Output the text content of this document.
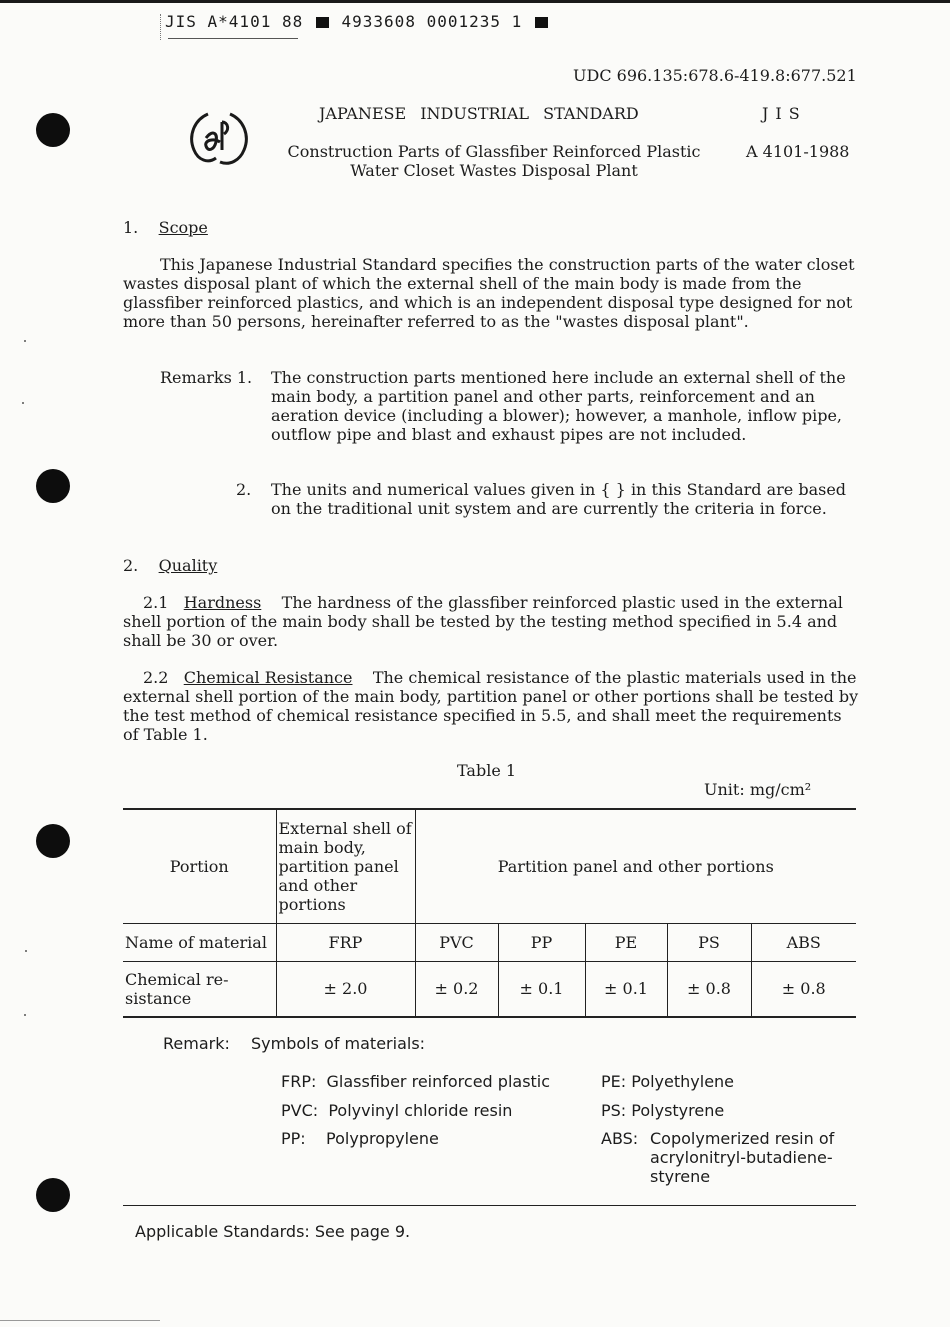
JIS A*4101 88 4933608 0001235 1
UDC 696.135:678.6-419.8:677.521
JAPANESE INDUSTRIAL STANDARD	JIS
Construction Parts of Glassfiber Reinforced Plastic
Water Closet Wastes Disposal Plant
A 4101-1988
1. Scope
This Japanese Industrial Standard specifies the construction parts of the water closet wastes disposal plant of which the external shell of the main body is made from the glassfiber reinforced plastics, and which is an independent disposal type designed for not more than 50 persons, hereinafter referred to as the "wastes disposal plant".
Remarks 1. The construction parts mentioned here include an external shell of the main body, a partition panel and other parts, reinforcement and an aeration device (including a blower); however, a manhole, inflow pipe, outflow pipe and blast and exhaust pipes are not included.
2. The units and numerical values given in { } in this Standard are based on the traditional unit system and are currently the criteria in force.
2. Quality
2.1 Hardness The hardness of the glassfiber reinforced plastic used in the external shell portion of the main body shall be tested by the testing method specified in 5.4 and shall be 30 or over.
2.2 Chemical Resistance The chemical resistance of the plastic materials used in the external shell portion of the main body, partition panel or other portions shall be tested by the test method of chemical resistance specified in 5.5, and shall meet the requirements of Table 1.
Table 1
Unit: mg/cm²
Portion	External shell of main body, partition panel and other portions	Partition panel and other portions				
Name of material	FRP	PVC	PP	PE	PS	ABS
Chemical re-sistance	± 2.0	± 0.2	± 0.1	± 0.1	± 0.8	± 0.8
Remark: Symbols of materials:
FRP:  Glassfiber reinforced plastic
PVC:  Polyvinyl chloride resin
PP:    Polypropylene
PE: Polyethylene
PS: Polystyrene
ABS: Copolymerized resin of acrylonitryl-butadiene-styrene
Applicable Standards: See page 9.
